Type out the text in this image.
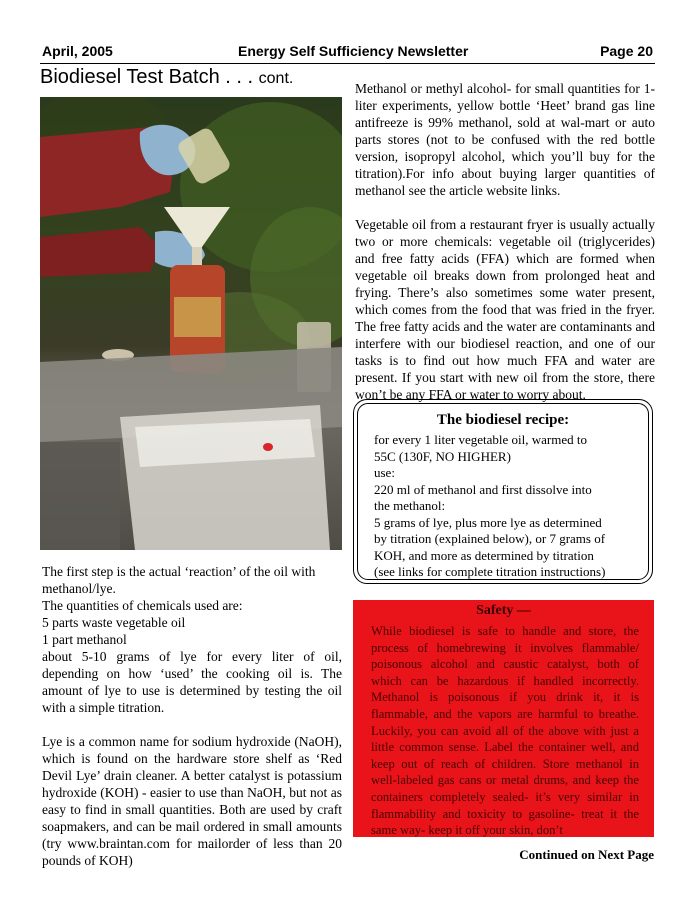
April, 2005	Energy Self Sufficiency Newsletter	Page 20
Biodiesel Test Batch . . . cont.

The first step is the actual ‘reaction’ of the oil with methanol/lye.

The quantities of chemicals used are:

5 parts waste vegetable oil

1 part methanol

about 5-10 grams of lye for every liter of oil, depending on how ‘used’ the cooking oil is. The amount of lye to use is determined by testing the oil with a simple titration.

Lye is a common name for sodium hydroxide (NaOH), which is found on the hardware store shelf as ‘Red Devil Lye’ drain cleaner. A better catalyst is potassium hydroxide (KOH) - easier to use than NaOH, but not as easy to find in small quantities. Both are used by craft soapmakers, and can be mail ordered in small amounts (try www.braintan.com for mailorder of less than 20 pounds of KOH)

Methanol or methyl alcohol- for small quantities for 1-liter experiments, yellow bottle ‘Heet’ brand gas line antifreeze is 99% methanol, sold at wal-mart or auto parts stores (not to be confused with the red bottle version, isopropyl alcohol, which you’ll buy for the titration).For info about buying larger quantities of methanol see the article website links.

Vegetable oil from a restaurant fryer is usually actually two or more chemicals: vegetable oil (triglycerides) and free fatty acids (FFA) which are formed when vegetable oil breaks down from prolonged heat and frying. There’s also sometimes some water present, which comes from the food that was fried in the fryer. The free fatty acids and the water are contaminants and interfere with our biodiesel reaction, and one of our tasks is to find out how much FFA and water are present. If you start with new oil from the store, there won’t be any FFA or water to worry about.

The biodiesel recipe:
for every 1 liter vegetable oil, warmed to
55C (130F, NO HIGHER)
use:
220 ml of methanol and first dissolve into
the methanol:
5 grams of lye, plus more lye as determined
by titration (explained below), or 7 grams of
KOH, and more as determined by titration
(see links for complete titration instructions)
Safety —
While biodiesel is safe to handle and store, the process of homebrewing it involves flammable/ poisonous alcohol and caustic catalyst, both of which can be hazardous if handled incorrectly. Methanol is poisonous if you drink it, it is flammable, and the vapors are harmful to breathe. Luckily, you can avoid all of the above with just a little common sense. Label the container well, and keep out of reach of children. Store methanol in well-labeled gas cans or metal drums, and keep the containers completely sealed- it’s very similar in flammability and toxicity to gasoline- treat it the same way- keep it off your skin, don’t
Continued on Next Page
